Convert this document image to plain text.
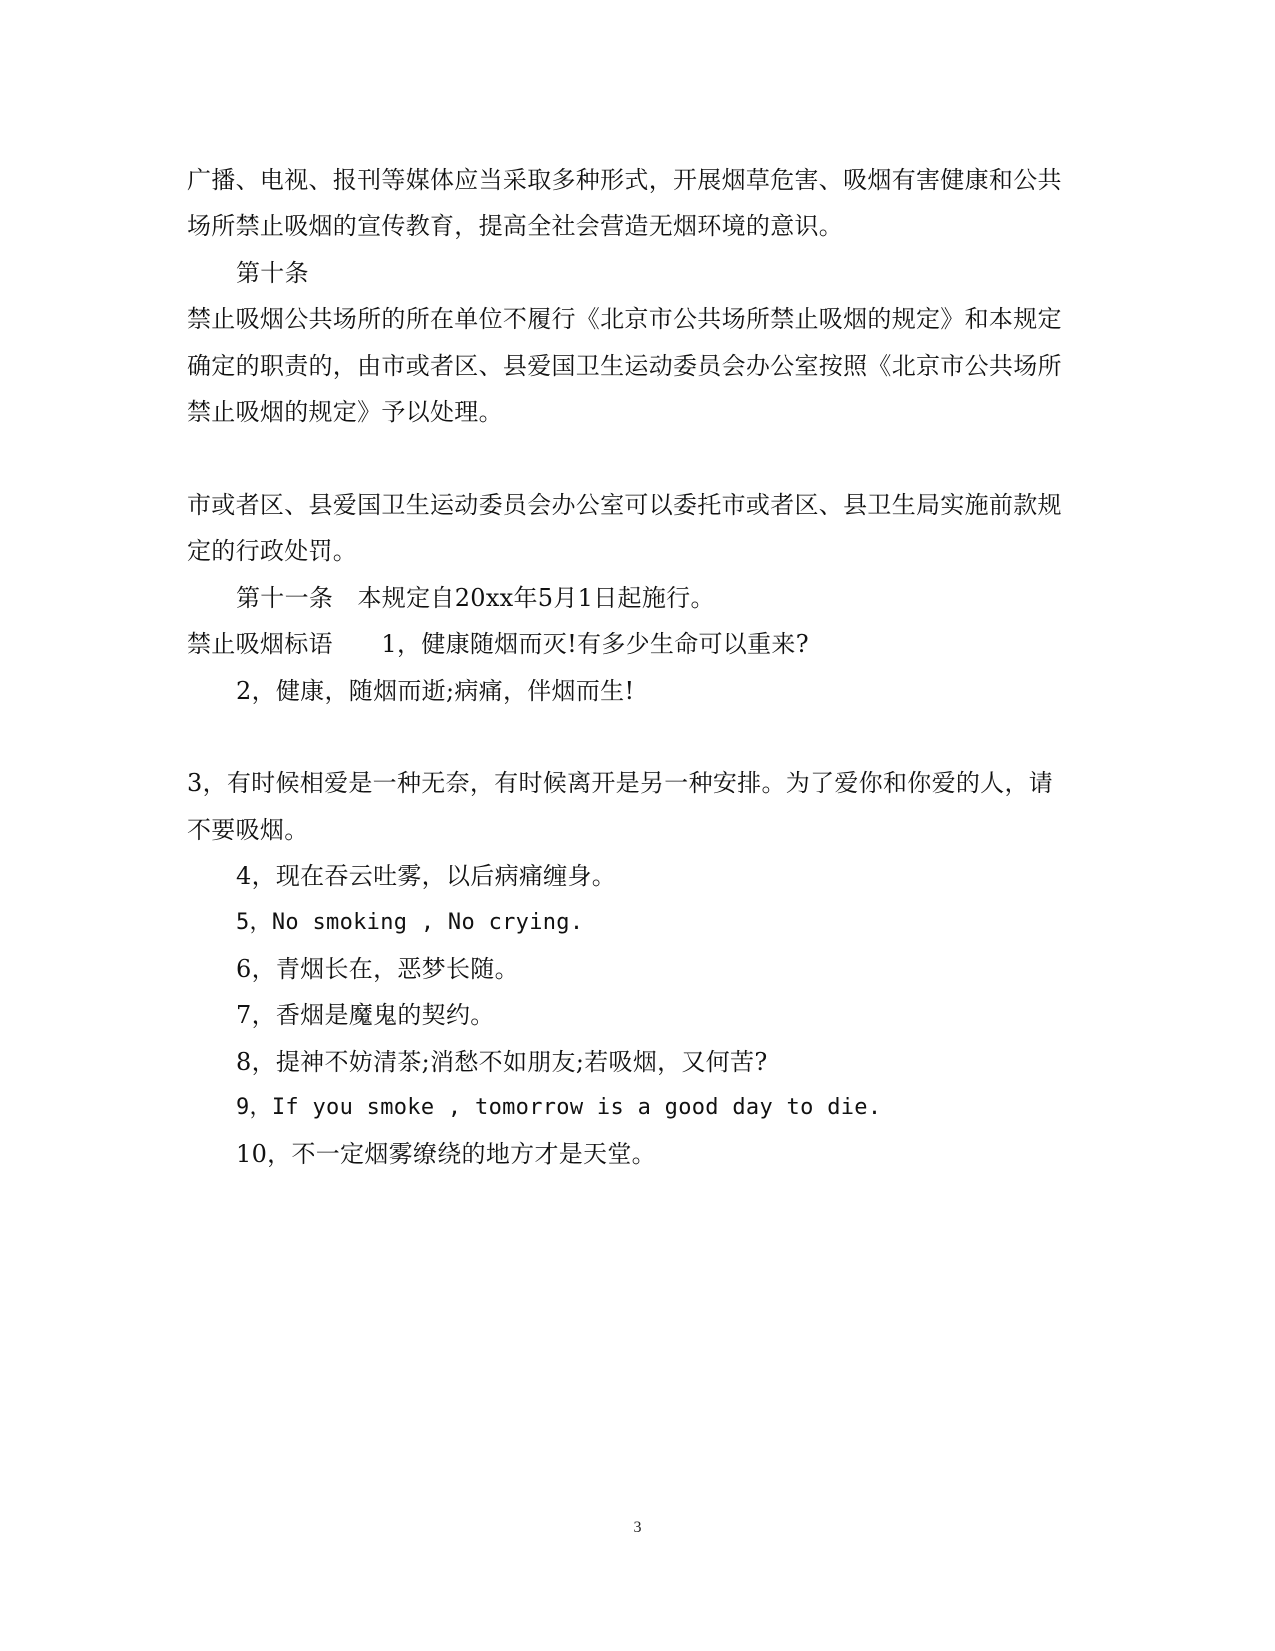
广播、电视、报刊等媒体应当采取多种形式，开展烟草危害、吸烟有害健康和公共
场所禁止吸烟的宣传教育，提高全社会营造无烟环境的意识。
第十条
禁止吸烟公共场所的所在单位不履行《北京市公共场所禁止吸烟的规定》和本规定
确定的职责的，由市或者区、县爱国卫生运动委员会办公室按照《北京市公共场所
禁止吸烟的规定》予以处理。
市或者区、县爱国卫生运动委员会办公室可以委托市或者区、县卫生局实施前款规
定的行政处罚。
第十一条　本规定自20xx年5月1日起施行。
禁止吸烟标语　　1，健康随烟而灭!有多少生命可以重来?
2，健康，随烟而逝;病痛，伴烟而生!
3，有时候相爱是一种无奈，有时候离开是另一种安排。为了爱你和你爱的人，请
不要吸烟。
4，现在吞云吐雾，以后病痛缠身。
5，No smoking , No crying.
6，青烟长在，恶梦长随。
7，香烟是魔鬼的契约。
8，提神不妨清茶;消愁不如朋友;若吸烟，又何苦?
9，If you smoke , tomorrow is a good day to die.
10，不一定烟雾缭绕的地方才是天堂。
3
